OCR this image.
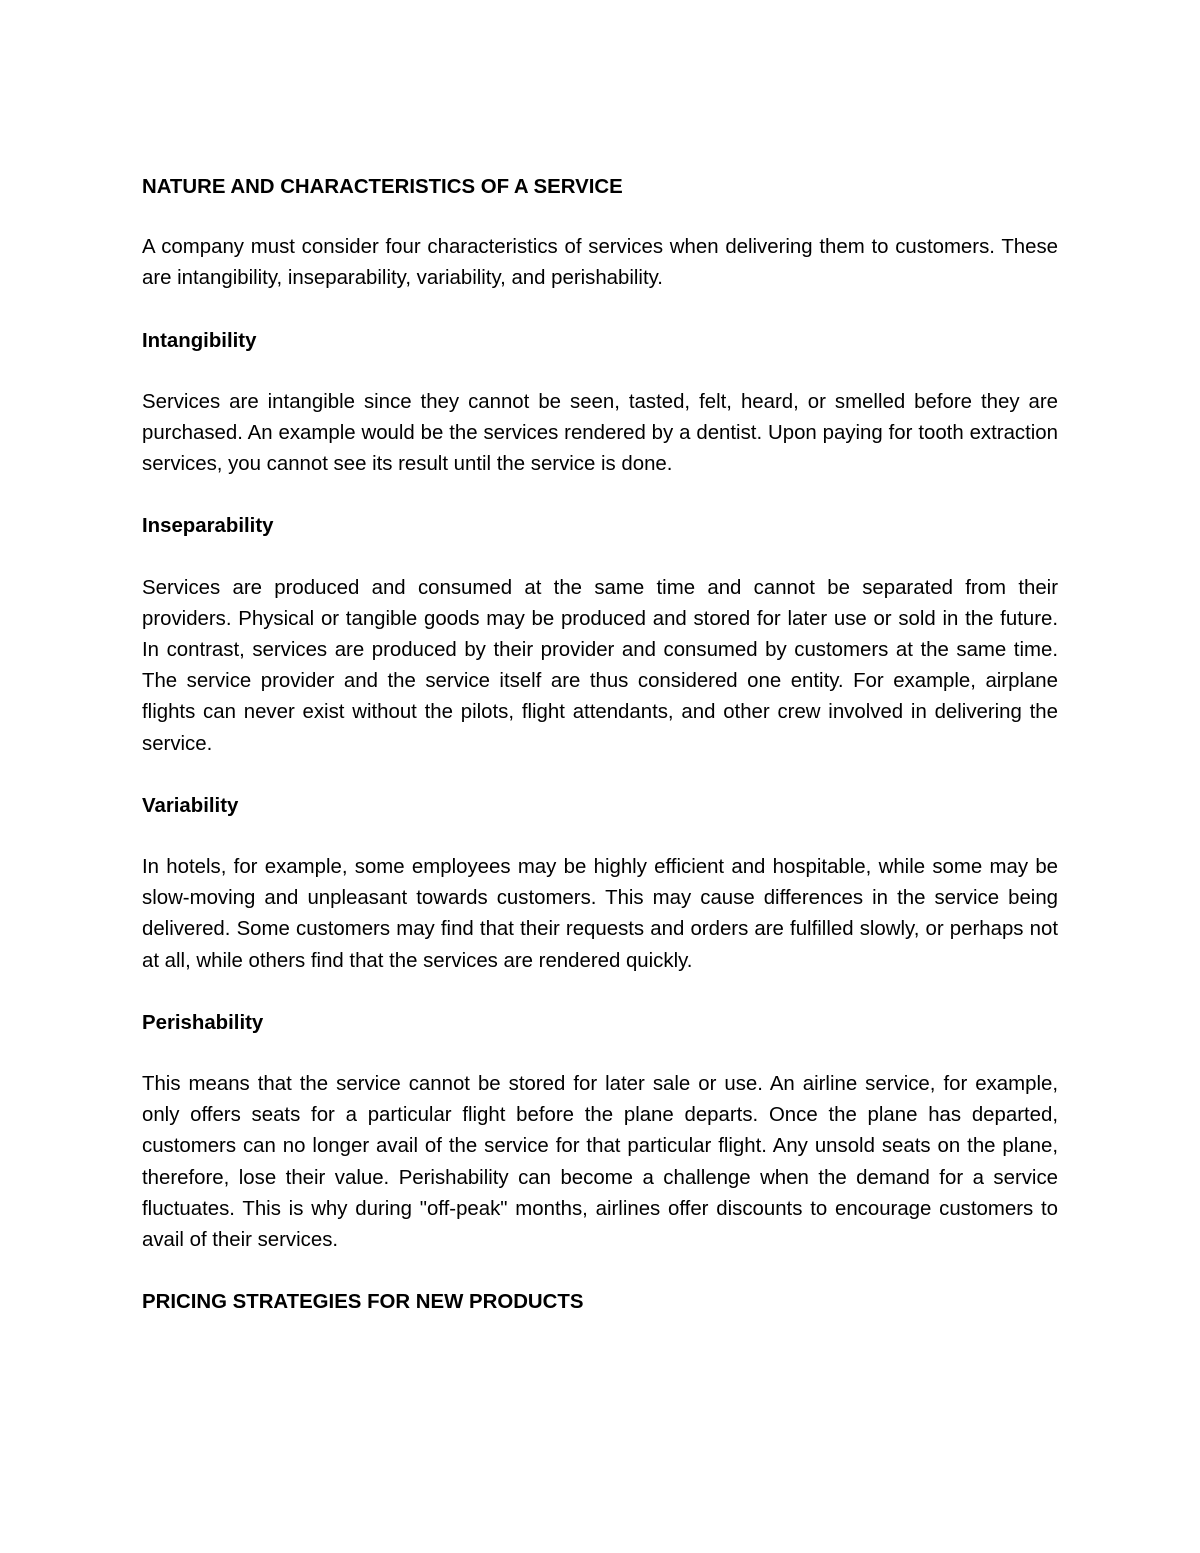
NATURE AND CHARACTERISTICS OF A SERVICE

A company must consider four characteristics of services when delivering them to customers. These are intangibility, inseparability, variability, and perishability.

Intangibility

Services are intangible since they cannot be seen, tasted, felt, heard, or smelled before they are purchased. An example would be the services rendered by a dentist. Upon paying for tooth extraction services, you cannot see its result until the service is done.

Inseparability

Services are produced and consumed at the same time and cannot be separated from their providers. Physical or tangible goods may be produced and stored for later use or sold in the future. In contrast, services are produced by their provider and consumed by customers at the same time. The service provider and the service itself are thus considered one entity. For example, airplane flights can never exist without the pilots, flight attendants, and other crew involved in delivering the service.

Variability

In hotels, for example, some employees may be highly efficient and hospitable, while some may be slow-moving and unpleasant towards customers. This may cause differences in the service being delivered. Some customers may find that their requests and orders are fulfilled slowly, or perhaps not at all, while others find that the services are rendered quickly.

Perishability

This means that the service cannot be stored for later sale or use. An airline service, for example, only offers seats for a particular flight before the plane departs. Once the plane has departed, customers can no longer avail of the service for that particular flight. Any unsold seats on the plane, therefore, lose their value. Perishability can become a challenge when the demand for a service fluctuates. This is why during "off-peak" months, airlines offer discounts to encourage customers to avail of their services.

PRICING STRATEGIES FOR NEW PRODUCTS
